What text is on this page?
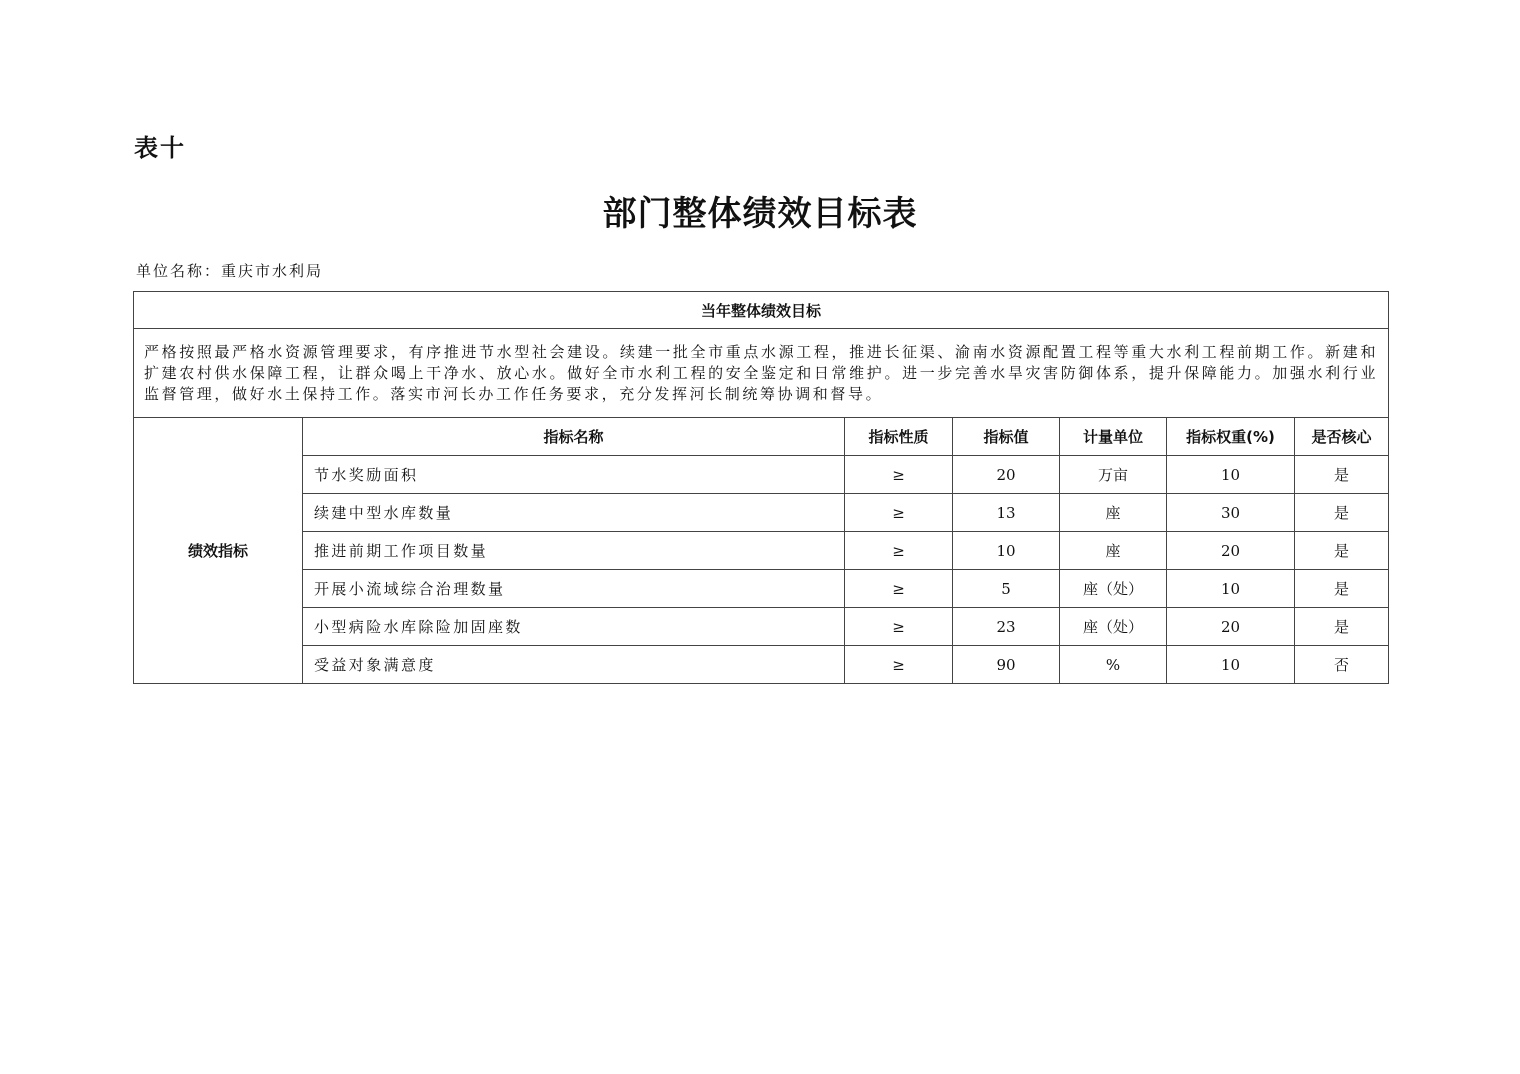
表十
部门整体绩效目标表
单位名称：重庆市水利局
当年整体绩效目标						
严格按照最严格水资源管理要求，有序推进节水型社会建设。续建一批全市重点水源工程，推进长征渠、渝南水资源配置工程等重大水利工程前期工作。新建和扩建农村供水保障工程，让群众喝上干净水、放心水。做好全市水利工程的安全鉴定和日常维护。进一步完善水旱灾害防御体系，提升保障能力。加强水利行业监督管理，做好水土保持工作。落实市河长办工作任务要求，充分发挥河长制统筹协调和督导。						
绩效指标	指标名称	指标性质	指标值	计量单位	指标权重(%)	是否核心
	节水奖励面积	≥	20	万亩	10	是
	续建中型水库数量	≥	13	座	30	是
	推进前期工作项目数量	≥	10	座	20	是
	开展小流域综合治理数量	≥	5	座（处）	10	是
	小型病险水库除险加固座数	≥	23	座（处）	20	是
	受益对象满意度	≥	90	%	10	否
